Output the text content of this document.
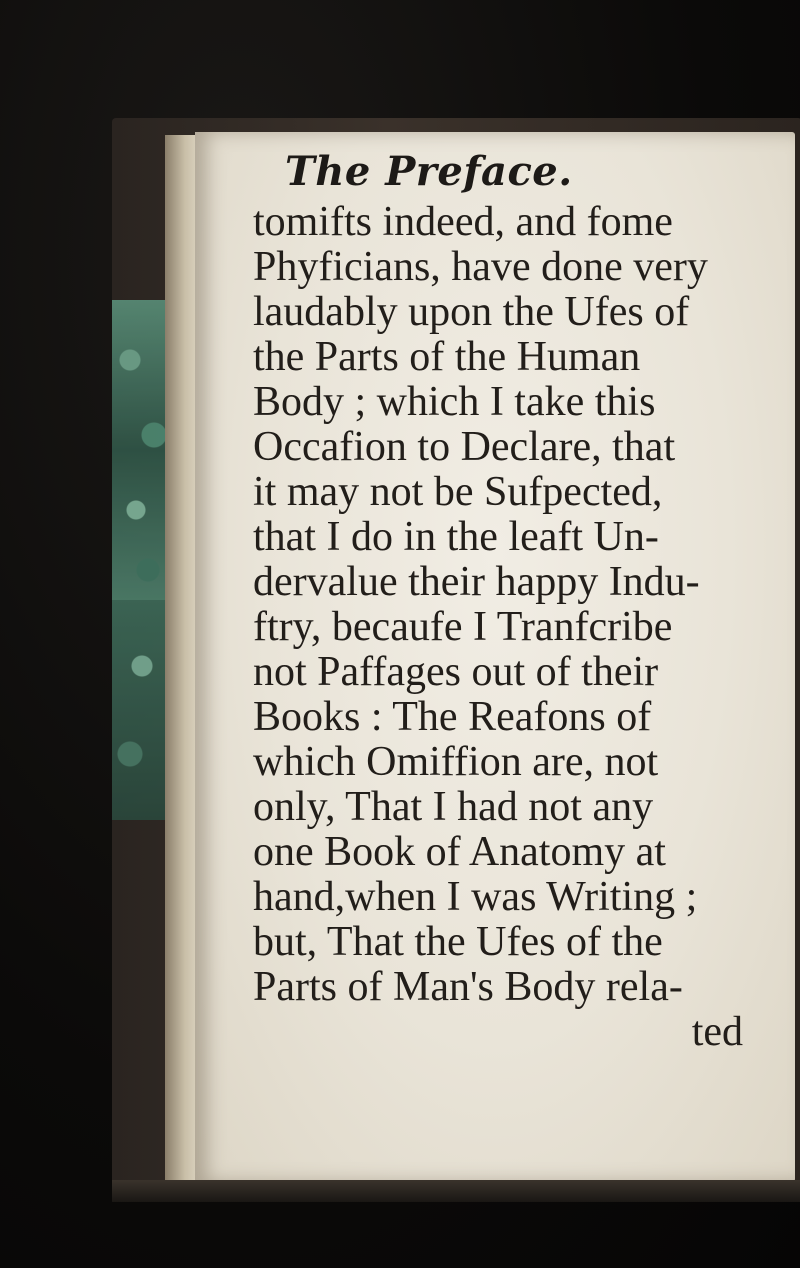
The Preface.
tomifts indeed, and fome
Phyficians, have done very
laudably upon the Ufes of
the Parts of the Human
Body ; which I take this
Occafion to Declare, that
it may not be Sufpected,
that I do in the leaft Un-
dervalue their happy Indu-
ftry, becaufe I Tranfcribe
not Paffages out of their
Books : The Reafons of
which Omiffion are, not
only, That I had not any
one Book of Anatomy at
hand,when I was Writing ;
but, That the Ufes of the
Parts of Man's Body rela-
ted
